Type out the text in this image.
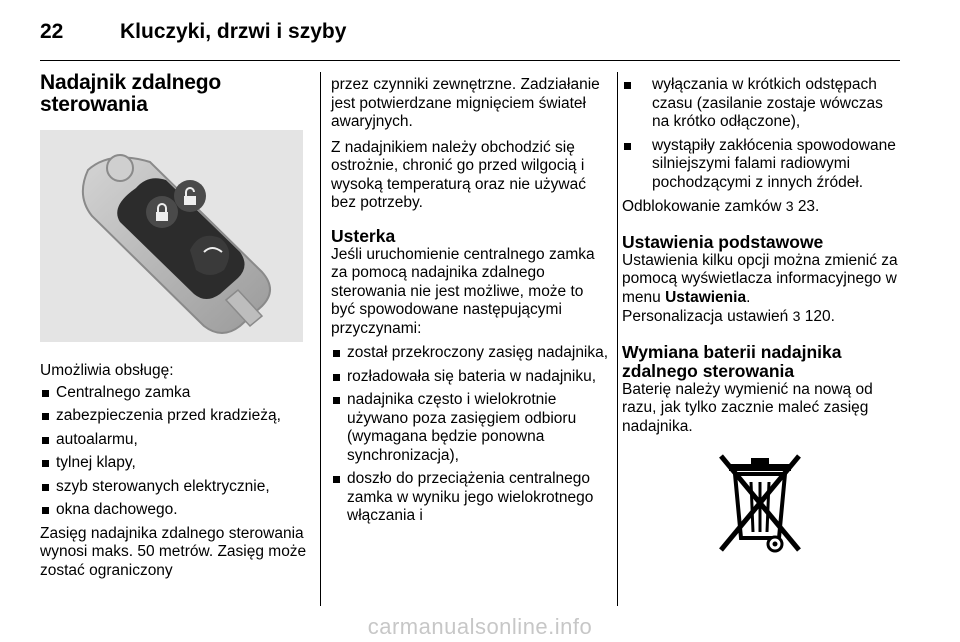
22	Kluczyki, drzwi i szyby
Nadajnik zdalnego sterowania

Umożliwia obsługę:

Centralnego zamka
zabezpieczenia przed kradzieżą,
autoalarmu,
tylnej klapy,
szyb sterowanych elektrycznie,
okna dachowego.

Zasięg nadajnika zdalnego sterowania wynosi maks. 50 metrów. Zasięg może zostać ograniczony

przez czynniki zewnętrzne. Zadziałanie jest potwierdzane mignięciem świateł awaryjnych.

Z nadajnikiem należy obchodzić się ostrożnie, chronić go przed wilgocią i wysoką temperaturą oraz nie używać bez potrzeby.

Usterka

Jeśli uruchomienie centralnego zamka za pomocą nadajnika zdalnego sterowania nie jest możliwe, może to być spowodowane następującymi przyczynami:

został przekroczony zasięg nadajnika,
rozładowała się bateria w nadajniku,
nadajnika często i wielokrotnie używano poza zasięgiem odbioru (wymagana będzie ponowna synchronizacja),
doszło do przeciążenia centralnego zamka w wyniku jego wielokrotnego włączania i
wyłączania w krótkich odstępach czasu (zasilanie zostaje wówczas na krótko odłączone),
wystąpiły zakłócenia spowodowane silniejszymi falami radiowymi pochodzącymi z innych źródeł.

Odblokowanie zamków 3 23.

Ustawienia podstawowe

Ustawienia kilku opcji można zmienić za pomocą wyświetlacza informacyjnego w menu Ustawienia.

Personalizacja ustawień 3 120.

Wymiana baterii nadajnika zdalnego sterowania

Baterię należy wymienić na nową od razu, jak tylko zacznie maleć zasięg nadajnika.

carmanualsonline.info
